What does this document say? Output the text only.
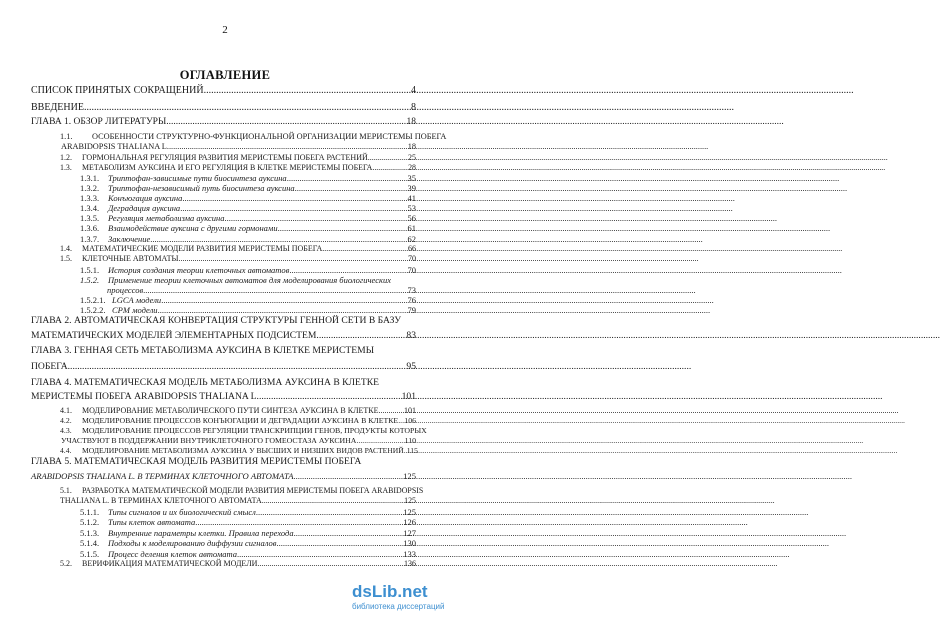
2
ОГЛАВЛЕНИЕ
СПИСОК ПРИНЯТЫХ СОКРАЩЕНИЙ .....	4
ВВЕДЕНИЕ .....	8
ГЛАВА 1. ОБЗОР ЛИТЕРАТУРЫ .....	18
1.1. ОСОБЕННОСТИ СТРУКТУРНО-ФУНКЦИОНАЛЬНОЙ ОРГАНИЗАЦИИ МЕРИСТЕМЫ ПОБЕГА
ARABIDOPSIS THALIANA L. .....	18
1.2.	ГОРМОНАЛЬНАЯ РЕГУЛЯЦИЯ РАЗВИТИЯ МЕРИСТЕМЫ ПОБЕГА РАСТЕНИЙ .....	25
1.3.	МЕТАБОЛИЗМ АУКСИНА И ЕГО РЕГУЛЯЦИЯ В КЛЕТКЕ МЕРИСТЕМЫ ПОБЕГА .....	28
1.3.1.	Триптофан-зависимые пути биосинтеза ауксина .....	35
1.3.2.	Триптофан-независимый путь биосинтеза ауксина .....	39
1.3.3.	Конъюгация ауксина .....	41
1.3.4.	Деградация ауксина .....	53
1.3.5.	Регуляция метаболизма ауксина .....	56
1.3.6.	Взаимодействие ауксина с другими гормонами .....	61
1.3.7.	Заключение .....	62
1.4.	МАТЕМАТИЧЕСКИЕ МОДЕЛИ РАЗВИТИЯ МЕРИСТЕМЫ ПОБЕГА .....	66
1.5.	КЛЕТОЧНЫЕ АВТОМАТЫ .....	70
1.5.1.	История создания теории клеточных автоматов .....	70
1.5.2. Применение теории клеточных автоматов для моделирования биологических
процессов .....	73
1.5.2.1. LGCA модели .....	76
1.5.2.2. CPM модели .....	79
ГЛАВА 2. АВТОМАТИЧЕСКАЯ КОНВЕРТАЦИЯ СТРУКТУРЫ ГЕННОЙ СЕТИ В БАЗУ
МАТЕМАТИЧЕСКИХ МОДЕЛЕЙ ЭЛЕМЕНТАРНЫХ ПОДСИСТЕМ .....	83
ГЛАВА 3. ГЕННАЯ СЕТЬ МЕТАБОЛИЗМА АУКСИНА В КЛЕТКЕ МЕРИСТЕМЫ
ПОБЕГА .....	95
ГЛАВА 4. МАТЕМАТИЧЕСКАЯ МОДЕЛЬ МЕТАБОЛИЗМА АУКСИНА В КЛЕТКЕ
МЕРИСТЕМЫ ПОБЕГА ARABIDOPSIS THALIANA L. .....	101
4.1.	МОДЕЛИРОВАНИЕ МЕТАБОЛИЧЕСКОГО ПУТИ СИНТЕЗА АУКСИНА В КЛЕТКЕ .....	101
4.2.	МОДЕЛИРОВАНИЕ ПРОЦЕССОВ КОНЪЮГАЦИИ И ДЕГРАДАЦИИ АУКСИНА В КЛЕТКЕ ..... 106
4.3. МОДЕЛИРОВАНИЕ ПРОЦЕССОВ РЕГУЛЯЦИИ ТРАНСКРИПЦИИ ГЕНОВ, ПРОДУКТЫ КОТОРЫХ
УЧАСТВУЮТ В ПОДДЕРЖАНИИ ВНУТРИКЛЕТОЧНОГО ГОМЕОСТАЗА АУКСИНА .....	110
4.4.	МОДЕЛИРОВАНИЕ МЕТАБОЛИЗМА АУКСИНА У ВЫСШИХ И НИЗШИХ ВИДОВ РАСТЕНИЙ ..... 115
ГЛАВА 5. МАТЕМАТИЧЕСКАЯ МОДЕЛЬ РАЗВИТИЯ МЕРИСТЕМЫ ПОБЕГА
ARABIDOPSIS THALIANA L. В ТЕРМИНАХ КЛЕТОЧНОГО АВТОМАТА .....	125
5.1. РАЗРАБОТКА МАТЕМАТИЧЕСКОЙ МОДЕЛИ РАЗВИТИЯ МЕРИСТЕМЫ ПОБЕГА ARABIDOPSIS
THALIANA L. В ТЕРМИНАХ КЛЕТОЧНОГО АВТОМАТА .....	125
5.1.1.	Типы сигналов и их биологический смысл .....	125
5.1.2.	Типы клеток автомата .....	126
5.1.3.	Внутренние параметры клетки. Правила перехода .....	127
5.1.4.	Подходы к моделированию диффузии сигналов .....	130
5.1.5.	Процесс деления клеток автомата .....	133
5.2.	ВЕРИФИКАЦИЯ МАТЕМАТИЧЕСКОЙ МОДЕЛИ .....	136
dsLib.net
библиотека диссертаций
